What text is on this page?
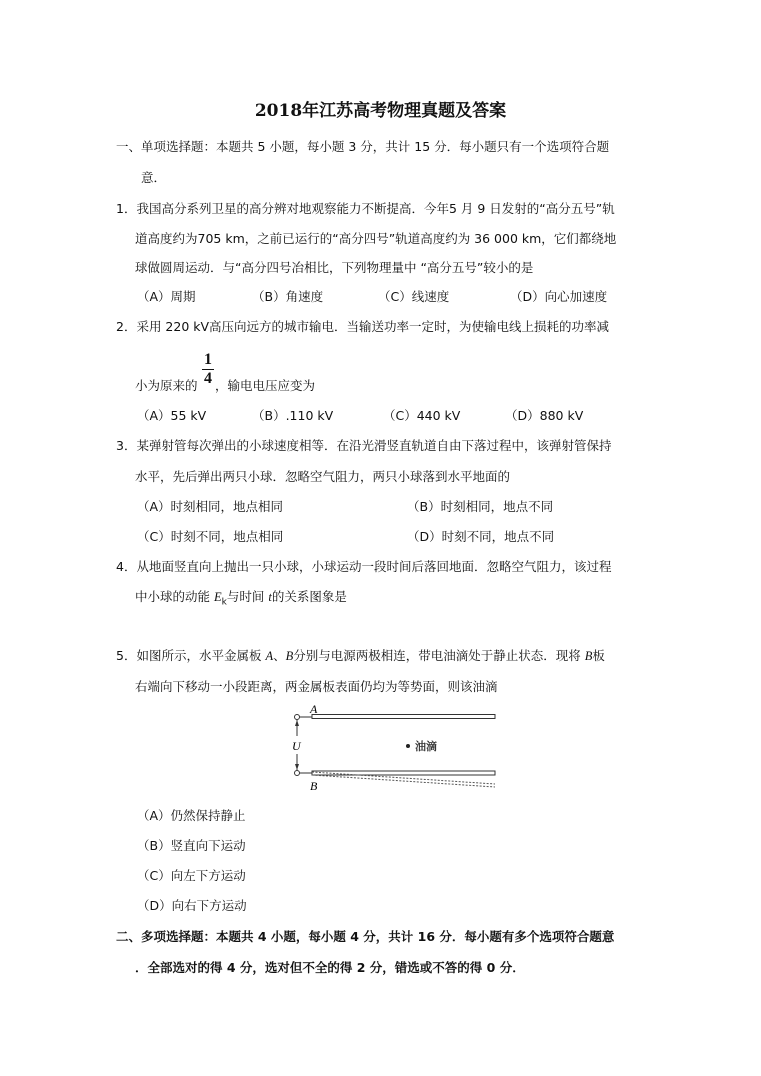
2018年江苏高考物理真题及答案
一、单项选择题：本题共 5 小题，每小题 3 分，共计 15 分．每小题只有一个选项符合题
意．
1．我国高分系列卫星的高分辨对地观察能力不断提高．今年5 月 9 日发射的“高分五号”轨
道高度约为705 km，之前已运行的“高分四号”轨道高度约为 36 000 km，它们都绕地
球做圆周运动．与“高分四号冶相比，下列物理量中 “高分五号”较小的是
（A）周期	（B）角速度	（C）线速度	（D）向心加速度
2．采用 220 kV高压向远方的城市输电．当输送功率一定时，为使输电线上损耗的功率减
1
4
小为原来的 ，输电电压应变为
（A）55 kV	（B）.110 kV	（C）440 kV	（D）880 kV
3．某弹射管每次弹出的小球速度相等．在沿光滑竖直轨道自由下落过程中，该弹射管保持
水平，先后弹出两只小球．忽略空气阻力，两只小球落到水平地面的
（A）时刻相同，地点相同	（B）时刻相同，地点不同
（C）时刻不同，地点相同	（D）时刻不同，地点不同
4．从地面竖直向上抛出一只小球，小球运动一段时间后落回地面．忽略空气阻力，该过程
中小球的动能 $E_k$与时间 t的关系图象是
5．如图所示，水平金属板 A、B分别与电源两极相连，带电油滴处于静止状态．现将 B板
右端向下移动一小段距离，两金属板表面仍均为等势面，则该油滴
A
B
U	油滴
（A）仍然保持静止
（B）竖直向下运动
（C）向左下方运动
（D）向右下方运动
二、多项选择题：本题共 4 小题，每小题 4 分，共计 16 分．每小题有多个选项符合题意
．全部选对的得 4 分，选对但不全的得 2 分，错选或不答的得 0 分．
